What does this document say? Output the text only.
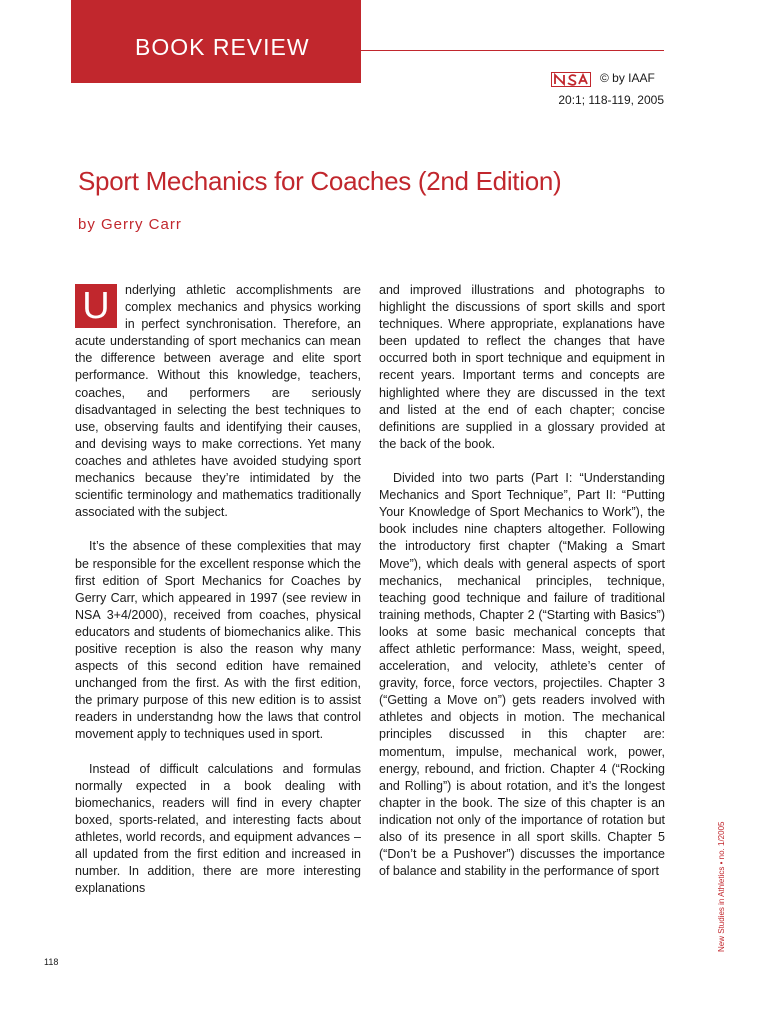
BOOK REVIEW
© by IAAF
20:1; 118-119, 2005
Sport Mechanics for Coaches (2nd Edition)
by Gerry Carr

U	nderlying athletic accomplishments are complex mechanics and physics working in perfect synchronisation. Therefore, an acute understanding of sport mechanics can mean the difference between average and elite sport performance. Without this knowledge, teachers, coaches, and performers are seriously disadvantaged in selecting the best techniques to use, observing faults and identifying their causes, and devising ways to make corrections. Yet many coaches and athletes have avoided studying sport mechanics because they’re intimidated by the scientific terminology and mathematics traditionally associated with the subject.

It’s the absence of these complexities that may be responsible for the excellent response which the first edition of Sport Mechanics for Coaches by Gerry Carr, which appeared in 1997 (see review in NSA 3+4/2000), received from coaches, physical educators and students of biomechanics alike. This positive reception is also the reason why many aspects of this second edition have remained unchanged from the first. As with the first edition, the primary purpose of this new edition is to assist readers in understandng how the laws that control movement apply to techniques used in sport.

Instead of difficult calculations and formulas normally expected in a book dealing with biomechanics, readers will find in every chapter boxed, sports-related, and interesting facts about athletes, world records, and equipment advances – all updated from the first edition and increased in number. In addition, there are more interesting explanations

and improved illustrations and photographs to highlight the discussions of sport skills and sport techniques. Where appropriate, explanations have been updated to reflect the changes that have occurred both in sport technique and equipment in recent years. Important terms and concepts are highlighted where they are discussed in the text and listed at the end of each chapter; concise definitions are supplied in a glossary provided at the back of the book.

Divided into two parts (Part I: “Understanding Mechanics and Sport Technique”, Part II: “Putting Your Knowledge of Sport Mechanics to Work”), the book includes nine chapters altogether. Following the introductory first chapter (“Making a Smart Move”), which deals with general aspects of sport mechanics, mechanical principles, technique, teaching good technique and failure of traditional training methods, Chapter 2 (“Starting with Basics”) looks at some basic mechanical concepts that affect athletic performance: Mass, weight, speed, acceleration, and velocity, athlete’s center of gravity, force, force vectors, projectiles. Chapter 3 (“Getting a Move on”) gets readers involved with athletes and objects in motion. The mechanical principles discussed in this chapter are: momentum, impulse, mechanical work, power, energy, rebound, and friction. Chapter 4 (“Rocking and Rolling”) is about rotation, and it’s the longest chapter in the book. The size of this chapter is an indication not only of the importance of rotation but also of its presence in all sport skills. Chapter 5 (“Don’t be a Pushover”) discusses the importance of balance and stability in the performance of sport

118
New Studies in Athletics • no. 1/2005
